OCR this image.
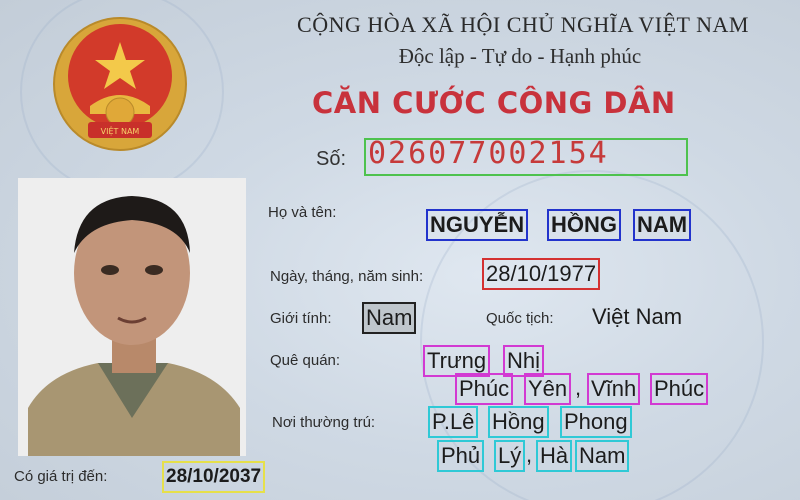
VIỆT NAM
CỘNG HÒA XÃ HỘI CHỦ NGHĨA VIỆT NAM
Độc lập - Tự do - Hạnh phúc
CĂN CƯỚC CÔNG DÂN
Số: 026077002154
Họ và tên:	NGUYỄN HỒNG NAM
Ngày, tháng, năm sinh:	28/10/1977
Giới tính: Nam	Quốc tịch: Việt Nam
Quê quán:	Trưng Nhị
Phúc Yên , Vĩnh Phúc
Nơi thường trú:	P.Lê Hồng Phong
Phủ Lý , Hà Nam
Có giá trị đến:	28/10/2037
